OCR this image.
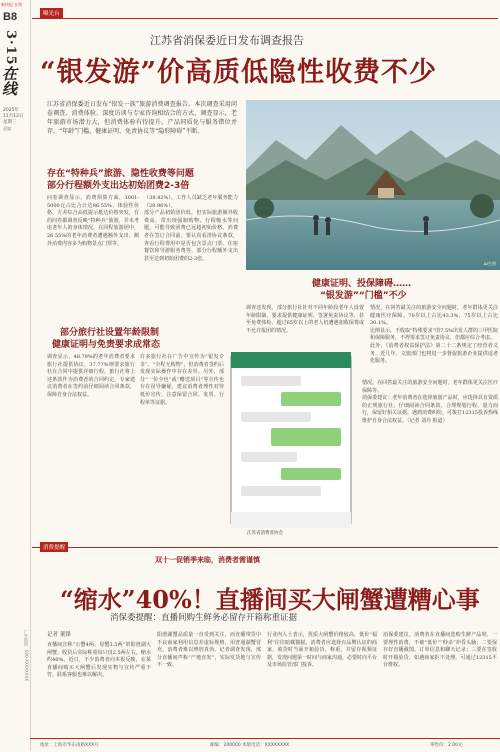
新快报 在线
B8
3·15
在线
2025年
11月12日
星期三
责编：
广告热线：020-XXXXXXXX
曝光台
江苏省消保委近日发布调查报告
“银发游”价高质低隐性收费不少
江苏省消保委近日发布“银发一族”旅游消费调查报告。本次调查采用问卷调查、消费体验、深度访谈与专家咨询相结合的方式，调查显示，老年旅游市场潜力大，但消费体验有待提升。产品同质化与服务错位并存，“年龄”门槛、健康证明、免责协议等“隐形障碍”不断。
AI生图
存在“特种兵”旅游、隐性收费等问题
部分行程额外支出达初始团费2-3倍
问卷调查显示，消费预算方面，1001-5000元占比合计达86.55%，体验性价格、方差综合高低提示抵达价格突发，有的问卷都调查反映“特种兵”旅游，并未考虑老年人的身体情况。在同程旅游团中，26.55%的老年消费者遭遇额外支出，额外消费内容多为购物景点门票等。
（38.42%）、工作人员缺乏老年服务能力（28.96%）。
部分产品初始团价低，但实际旅游额外收费高，常出现强制购物、行程缩水等问题，可能导致团费已远超初始价格。消费者在签订合同前，要认真看清协议条款，查看行程费用中是否包含景点门票、住宿餐饮和导游服务费等，部分行程额外支出甚至达到初始团费的2-3倍。
健康证明、投保障碍……
“银发游”“门槛”不少
调查还发现，部分旅行社针对不同年龄段老年人设置年龄限制、要求提供健康证明、签署免责协议等，甚至免费体检、超过65岁以上的老人仍遭遇加收保费或不允许报团的情况。
情况。在回答最关注的旅游安全问题时，老年群体更关注健康医疗保障。70岁以上占比43.3%，75岁以上占比30.1%。
比例显示，不收取“特殊要求”的7.5%出发人群的三甲医院和保障服务，不得要求签订免责协议，但都应综合考虑。
此外，《消费者权益保护法》第二十二条规定了经营者义务。近几年，文旅部门也将进一步督促旅游企业提供适老化服务。
部分旅行社设置年龄限制
健康证明与免责要求成常态
调查显示，48.79%的老年消费者要求旅行社提供协议，37.77%则要求旅行社在合同中提供详细行程，旅行社将上述条款作为消费者的合同约定。专家建议消费者在签约前仔细阅读合同条款，保障自身合法权益。
许多旅行社在广告中宣传为“银发专享”、“全程无购物”，但消费者签约后发现实际操作中存在差异。另外，部分“一价全包”或“赠送项目”等宣传也存在误导嫌疑，建议消费者理性对待低价宣传，注意保留合同、发票、行程单等证据。
江苏省消费者协会
情况。在回答最关注的旅游安全问题时，老年群体更关注医疗保障等。
消保委建议：老年消费者在选择旅游产品时，应选择具有资质的正规旅行社，仔细阅读合同条款，合理规划行程，量力而行，保留好相关证据。遇到消费纠纷，可拨打12315投诉热线维护自身合法权益。（记者 刘丹 报道）
消费提醒
双十一促销季来临，消费者需谨慎
“缩水”40%！直播间买大闸蟹遭糟心事
消保委提醒：直播间购生鲜务必留存开箱称重证据
记者 董锋
直播间宣称“公蟹4两、母蟹3.5两”的阳澄湖大闸蟹，收货后实际称重每只仅2.5两左右，缩水约40%。近日，不少消费者向本报反映，在某直播间购买大闸蟹后发现实物与宣传严重不符，联系客服也难以解决。
阳澄湖蟹品质量一直受到关注，而直播带货中不良商家利用信息差虚标规格，用普通湖蟹冒充，消费者难以辨别真伪。记者调查发现，部分直播间声称“产地直发”，实际发货地与宣传不一致。
行业内人士表示，优质大闸蟹价格较高，低价“福利”往往暗藏猫腻。消费者应选择有品牌认证的商家，收货时当面开箱验货、称重，并留存视频证据，发现问题第一时间与商家沟通，必要时向平台及市场监管部门投诉。
消保委建议，消费者在直播间选购生鲜产品时，一要理性消费，不被“低价”“秒杀”冲昏头脑；二要保存好直播截图、订单信息和聊天记录；三要在签收时开箱验货。如遇商家拒不处理，可通过12315平台维权。
地址：上海市华东南路XXX号	邮编：200000 本版电话：XXXXXXXX	零售价：2.00元
